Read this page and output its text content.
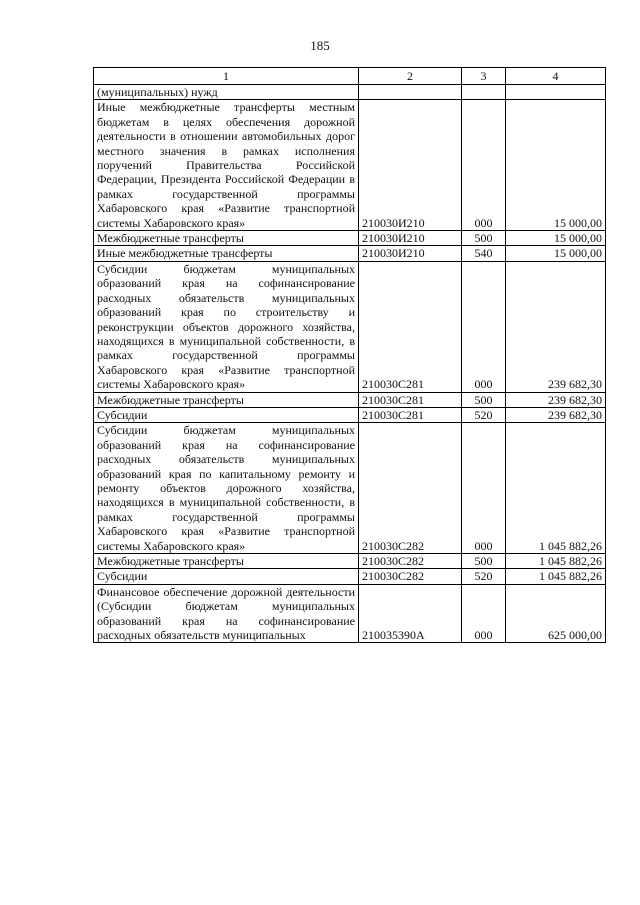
185
1	2	3	4
(муниципальных) нужд			
Иные межбюджетные трансферты местным бюджетам в целях обеспечения дорожной деятельности в отношении автомобильных дорог местного значения в рамках исполнения поручений Правительства Российской Федерации, Президента Российской Федерации в рамках государственной программы Хабаровского края «Развитие транспортной системы Хабаровского края»	210030И210	000	15 000,00
Межбюджетные трансферты	210030И210	500	15 000,00
Иные межбюджетные трансферты	210030И210	540	15 000,00
Субсидии бюджетам муниципальных образований края на софинансирование расходных обязательств муниципальных образований края по строительству и реконструкции объектов дорожного хозяйства, находящихся в муниципальной собственности, в рамках государственной программы Хабаровского края «Развитие транспортной системы Хабаровского края»	210030С281	000	239 682,30
Межбюджетные трансферты	210030С281	500	239 682,30
Субсидии	210030С281	520	239 682,30
Субсидии бюджетам муниципальных образований края на софинансирование расходных обязательств муниципальных образований края по капитальному ремонту и ремонту объектов дорожного хозяйства, находящихся в муниципальной собственности, в рамках государственной программы Хабаровского края «Развитие транспортной системы Хабаровского края»	210030С282	000	1 045 882,26
Межбюджетные трансферты	210030С282	500	1 045 882,26
Субсидии	210030С282	520	1 045 882,26
Финансовое обеспечение дорожной деятельности (Субсидии бюджетам муниципальных образований края на софинансирование расходных обязательств муниципальных	210035390А	000	625 000,00
